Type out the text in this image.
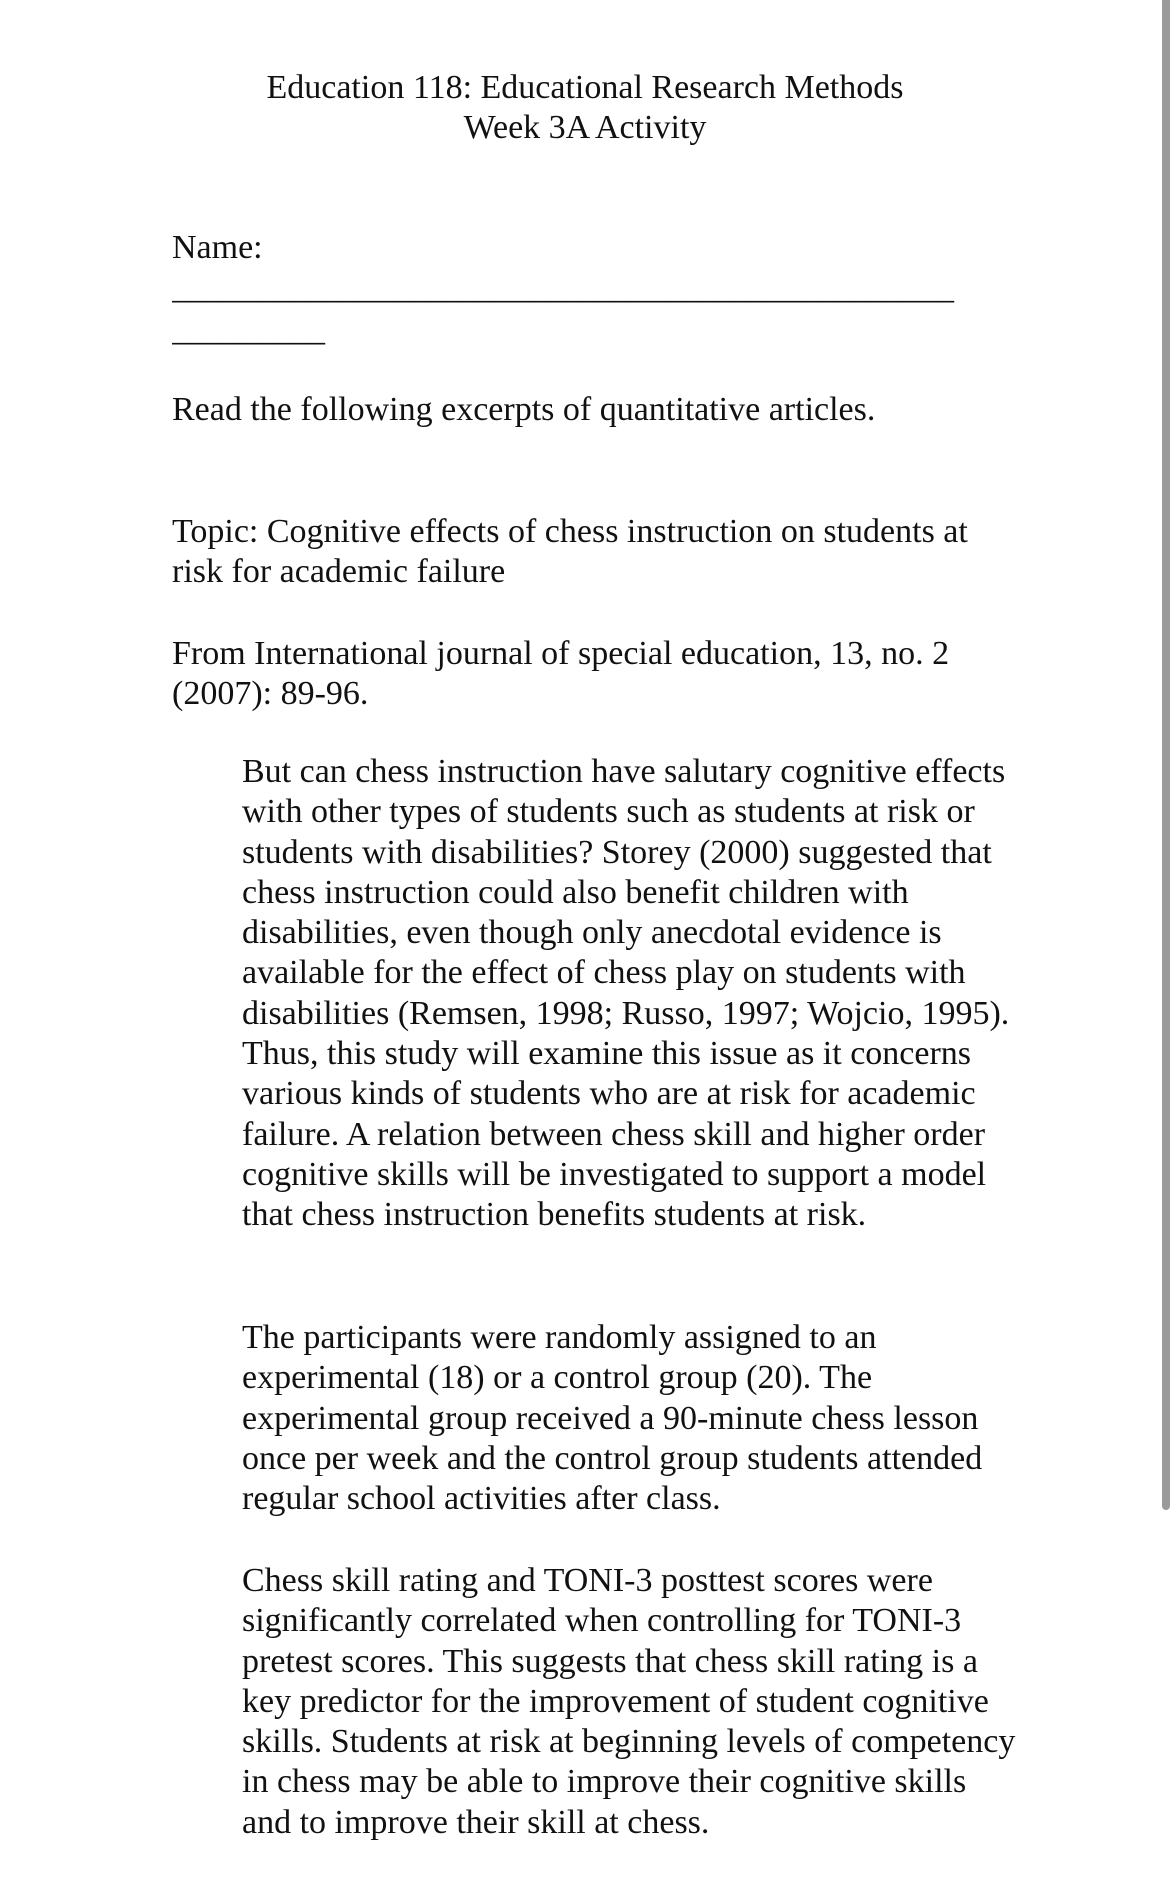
Education 118: Educational Research Methods
Week 3A Activity
Name:
______________________________________________
_________
Read the following excerpts of quantitative articles.
Topic: Cognitive effects of chess instruction on students at risk for academic failure
From International journal of special education, 13, no. 2 (2007): 89-96.

But can chess instruction have salutary cognitive effects with other types of students such as students at risk or students with disabilities? Storey (2000) suggested that chess instruction could also benefit children with disabilities, even though only anecdotal evidence is available for the effect of chess play on students with disabilities (Remsen, 1998; Russo, 1997; Wojcio, 1995). Thus, this study will examine this issue as it concerns various kinds of students who are at risk for academic failure. A relation between chess skill and higher order cognitive skills will be investigated to support a model that chess instruction benefits students at risk.

The participants were randomly assigned to an experimental (18) or a control group (20). The experimental group received a 90-minute chess lesson once per week and the control group students attended regular school activities after class.

Chess skill rating and TONI-3 posttest scores were significantly correlated when controlling for TONI-3 pretest scores. This suggests that chess skill rating is a key predictor for the improvement of student cognitive skills. Students at risk at beginning levels of competency in chess may be able to improve their cognitive skills and to improve their skill at chess.
